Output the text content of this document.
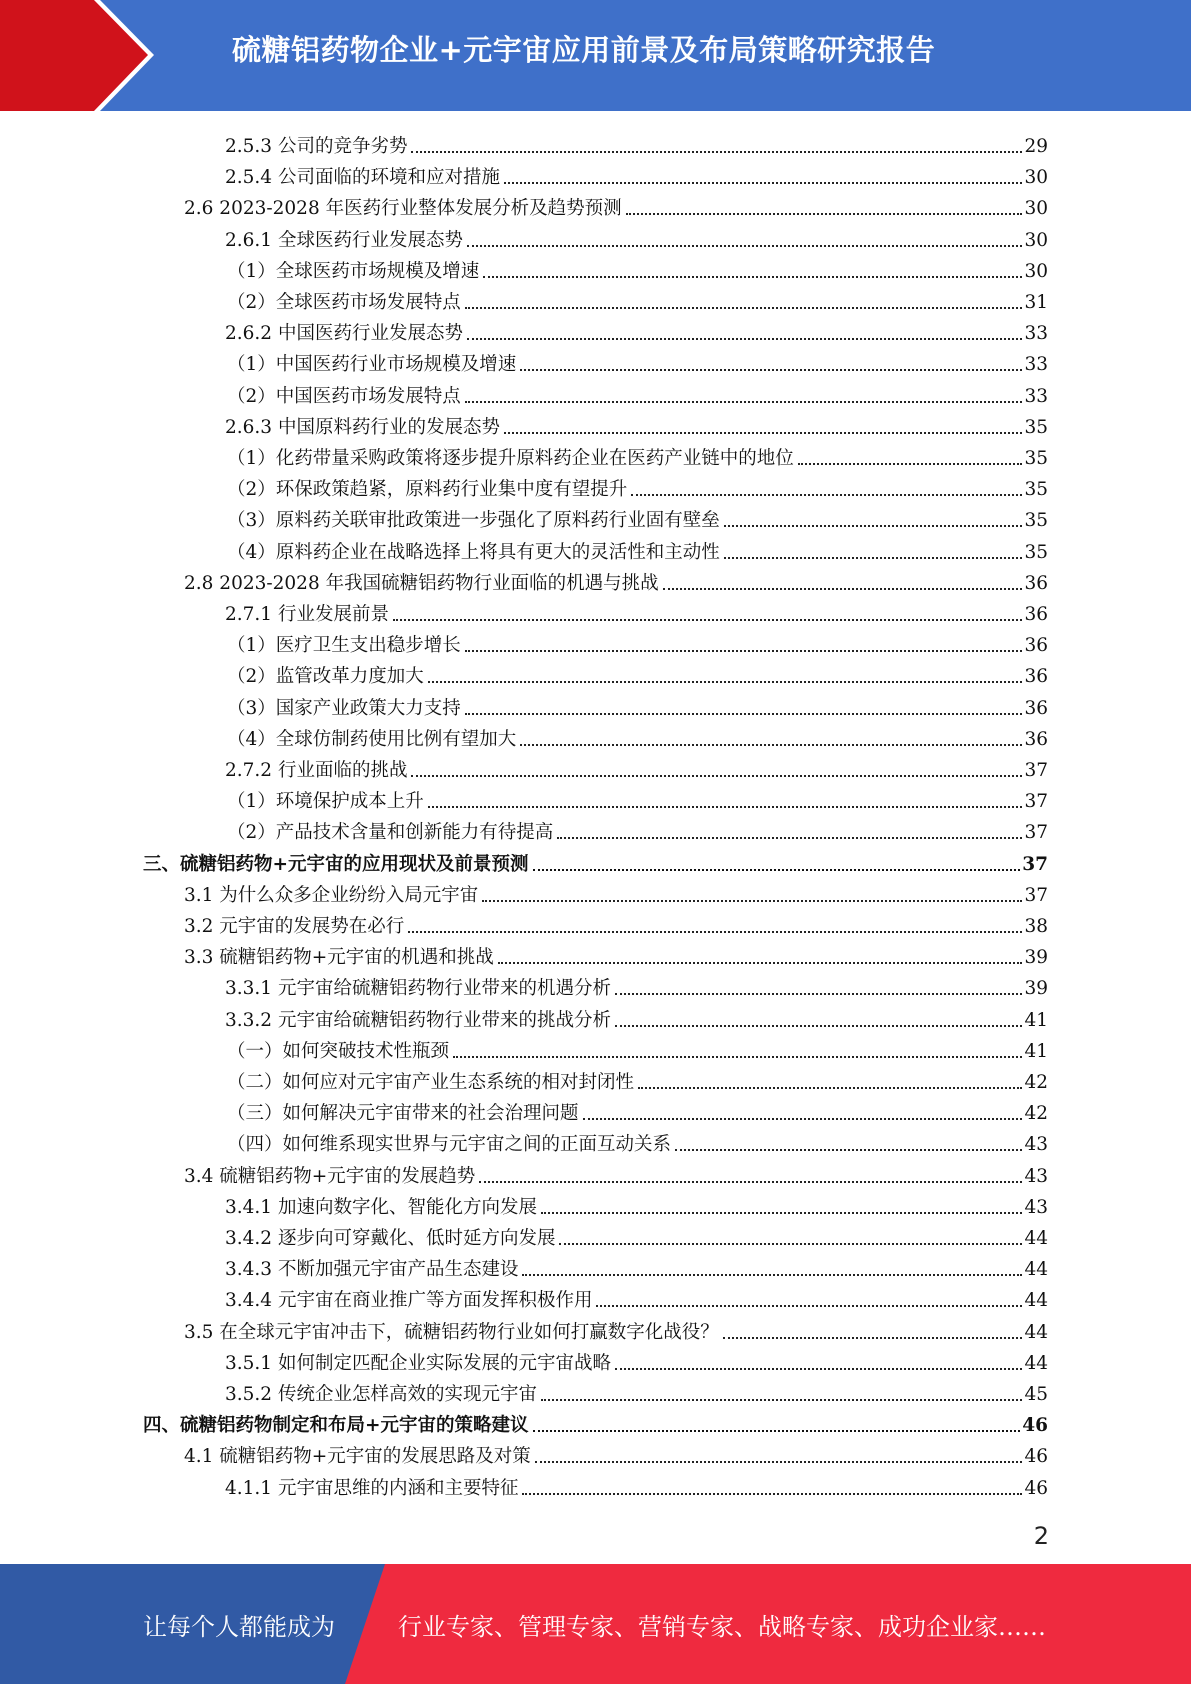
硫糖铝药物企业+元宇宙应用前景及布局策略研究报告
2.5.3 公司的竞争劣势	29
2.5.4 公司面临的环境和应对措施	30
2.6 2023-2028 年医药行业整体发展分析及趋势预测	30
2.6.1 全球医药行业发展态势	30
（1）全球医药市场规模及增速	30
（2）全球医药市场发展特点	31
2.6.2 中国医药行业发展态势	33
（1）中国医药行业市场规模及增速	33
（2）中国医药市场发展特点	33
2.6.3 中国原料药行业的发展态势	35
（1）化药带量采购政策将逐步提升原料药企业在医药产业链中的地位	35
（2）环保政策趋紧，原料药行业集中度有望提升	35
（3）原料药关联审批政策进一步强化了原料药行业固有壁垒	35
（4）原料药企业在战略选择上将具有更大的灵活性和主动性	35
2.8 2023-2028 年我国硫糖铝药物行业面临的机遇与挑战	36
2.7.1 行业发展前景	36
（1）医疗卫生支出稳步增长	36
（2）监管改革力度加大	36
（3）国家产业政策大力支持	36
（4）全球仿制药使用比例有望加大	36
2.7.2 行业面临的挑战	37
（1）环境保护成本上升	37
（2）产品技术含量和创新能力有待提高	37
三、硫糖铝药物+元宇宙的应用现状及前景预测	37
3.1 为什么众多企业纷纷入局元宇宙	37
3.2 元宇宙的发展势在必行	38
3.3 硫糖铝药物+元宇宙的机遇和挑战	39
3.3.1 元宇宙给硫糖铝药物行业带来的机遇分析	39
3.3.2 元宇宙给硫糖铝药物行业带来的挑战分析	41
（一）如何突破技术性瓶颈	41
（二）如何应对元宇宙产业生态系统的相对封闭性	42
（三）如何解决元宇宙带来的社会治理问题	42
（四）如何维系现实世界与元宇宙之间的正面互动关系	43
3.4 硫糖铝药物+元宇宙的发展趋势	43
3.4.1 加速向数字化、智能化方向发展	43
3.4.2 逐步向可穿戴化、低时延方向发展	44
3.4.3 不断加强元宇宙产品生态建设	44
3.4.4 元宇宙在商业推广等方面发挥积极作用	44
3.5 在全球元宇宙冲击下，硫糖铝药物行业如何打赢数字化战役？	44
3.5.1 如何制定匹配企业实际发展的元宇宙战略	44
3.5.2 传统企业怎样高效的实现元宇宙	45
四、硫糖铝药物制定和布局+元宇宙的策略建议	46
4.1 硫糖铝药物+元宇宙的发展思路及对策	46
4.1.1 元宇宙思维的内涵和主要特征	46
2
让每个人都能成为	行业专家、管理专家、营销专家、战略专家、成功企业家……
